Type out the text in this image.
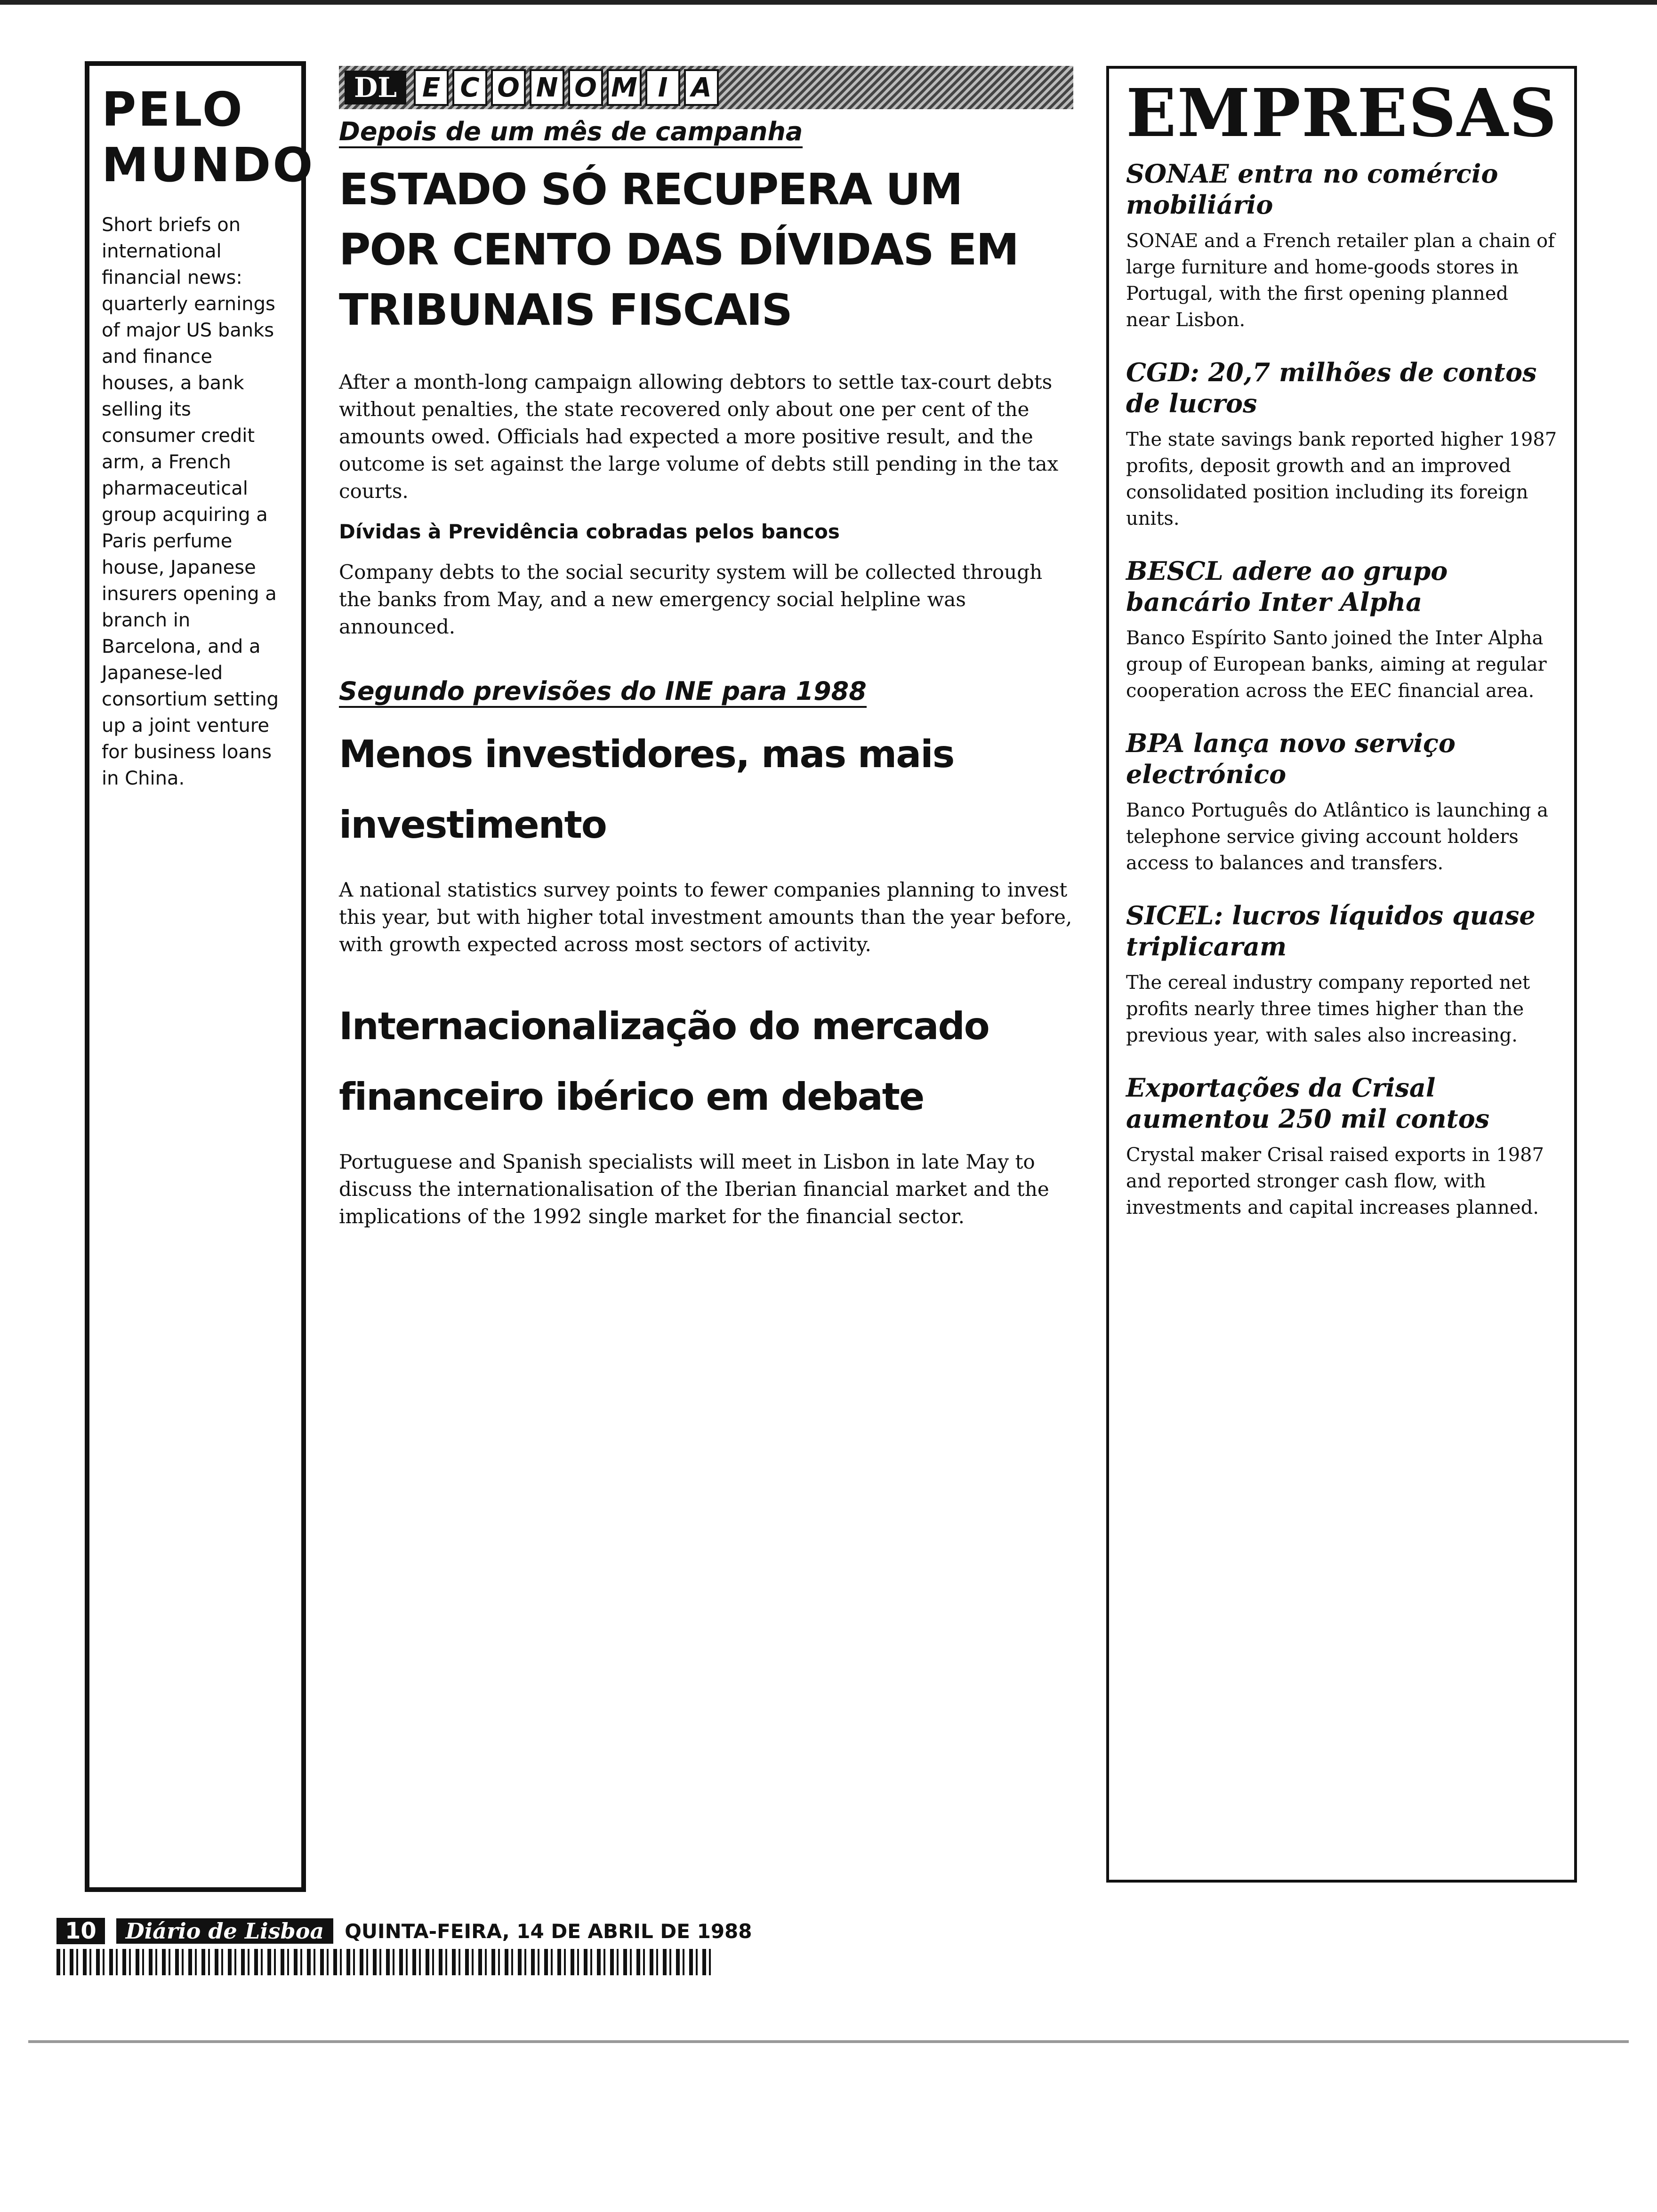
PELO MUNDO

Short briefs on international financial news: quarterly earnings of major US banks and finance houses, a bank selling its consumer credit arm, a French pharmaceutical group acquiring a Paris perfume house, Japanese insurers opening a branch in Barcelona, and a Japanese-led consortium setting up a joint venture for business loans in China.

DL E C O N O M I A
Depois de um mês de campanha
ESTADO SÓ RECUPERA UM POR CENTO DAS DÍVIDAS EM TRIBUNAIS FISCAIS

After a month-long campaign allowing debtors to settle tax-court debts without penalties, the state recovered only about one per cent of the amounts owed. Officials had expected a more positive result, and the outcome is set against the large volume of debts still pending in the tax courts.

Dívidas à Previdência cobradas pelos bancos

Company debts to the social security system will be collected through the banks from May, and a new emergency social helpline was announced.

Segundo previsões do INE para 1988
Menos investidores, mas mais investimento

A national statistics survey points to fewer companies planning to invest this year, but with higher total investment amounts than the year before, with growth expected across most sectors of activity.

Internacionalização do mercado financeiro ibérico em debate

Portuguese and Spanish specialists will meet in Lisbon in late May to discuss the internationalisation of the Iberian financial market and the implications of the 1992 single market for the financial sector.

EMPRESAS
SONAE entra no comércio mobiliário

SONAE and a French retailer plan a chain of large furniture and home-goods stores in Portugal, with the first opening planned near Lisbon.

CGD: 20,7 milhões de contos de lucros

The state savings bank reported higher 1987 profits, deposit growth and an improved consolidated position including its foreign units.

BESCL adere ao grupo bancário Inter Alpha

Banco Espírito Santo joined the Inter Alpha group of European banks, aiming at regular cooperation across the EEC financial area.

BPA lança novo serviço electrónico

Banco Português do Atlântico is launching a telephone service giving account holders access to balances and transfers.

SICEL: lucros líquidos quase triplicaram

The cereal industry company reported net profits nearly three times higher than the previous year, with sales also increasing.

Exportações da Crisal aumentou 250 mil contos

Crystal maker Crisal raised exports in 1987 and reported stronger cash flow, with investments and capital increases planned.

10	Diário de Lisboa	QUINTA-FEIRA, 14 DE ABRIL DE 1988
